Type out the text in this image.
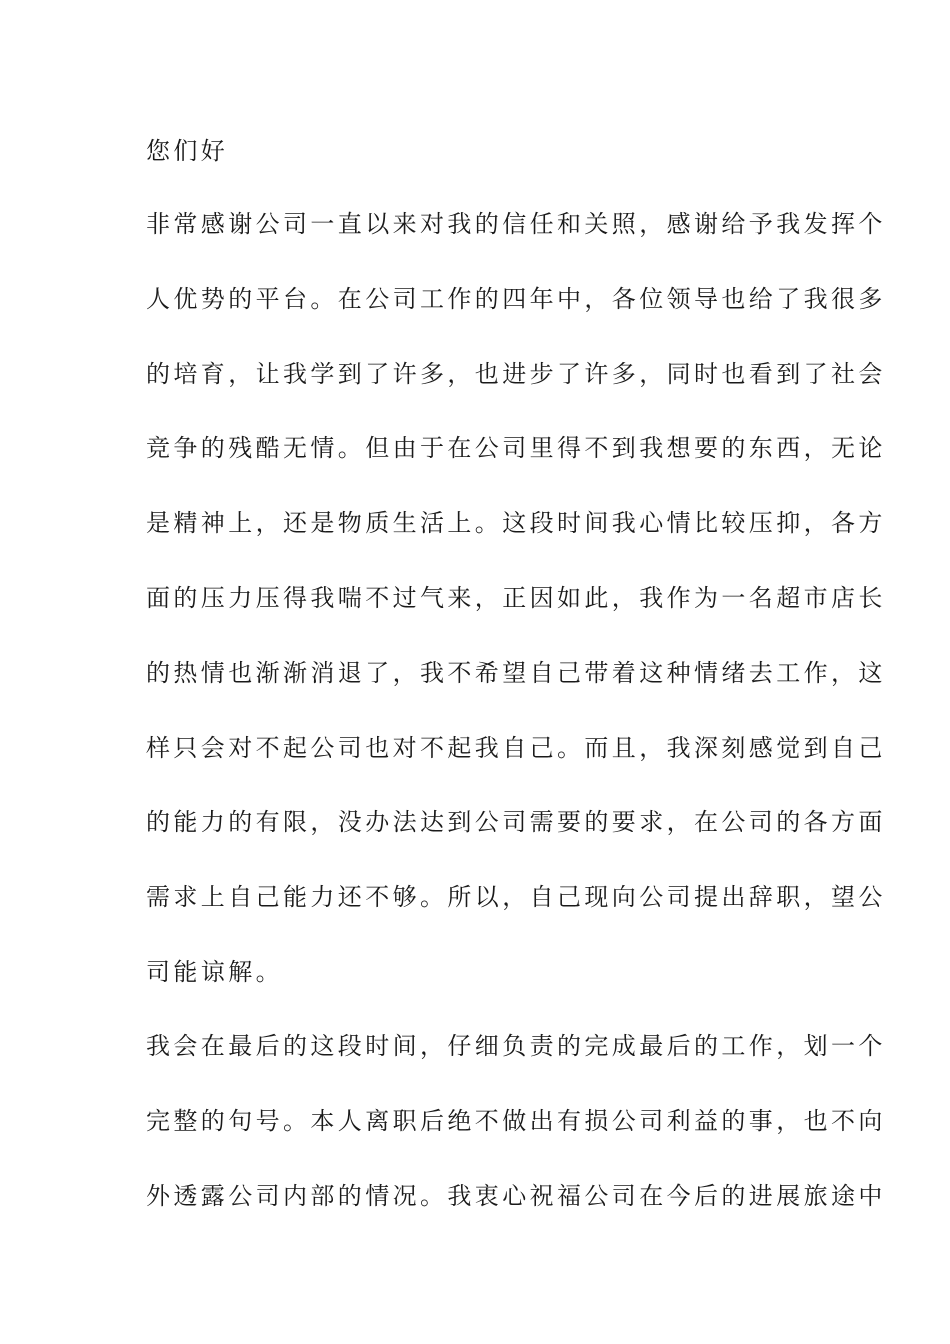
您们好
非常感谢公司一直以来对我的信任和关照，感谢给予我发挥个
人优势的平台。在公司工作的四年中，各位领导也给了我很多
的培育，让我学到了许多，也进步了许多，同时也看到了社会
竞争的残酷无情。但由于在公司里得不到我想要的东西，无论
是精神上，还是物质生活上。这段时间我心情比较压抑，各方
面的压力压得我喘不过气来，正因如此，我作为一名超市店长
的热情也渐渐消退了，我不希望自己带着这种情绪去工作，这
样只会对不起公司也对不起我自己。而且，我深刻感觉到自己
的能力的有限，没办法达到公司需要的要求，在公司的各方面
需求上自己能力还不够。所以，自己现向公司提出辞职，望公
司能谅解。
我会在最后的这段时间，仔细负责的完成最后的工作，划一个
完整的句号。本人离职后绝不做出有损公司利益的事，也不向
外透露公司内部的情况。我衷心祝福公司在今后的进展旅途中
